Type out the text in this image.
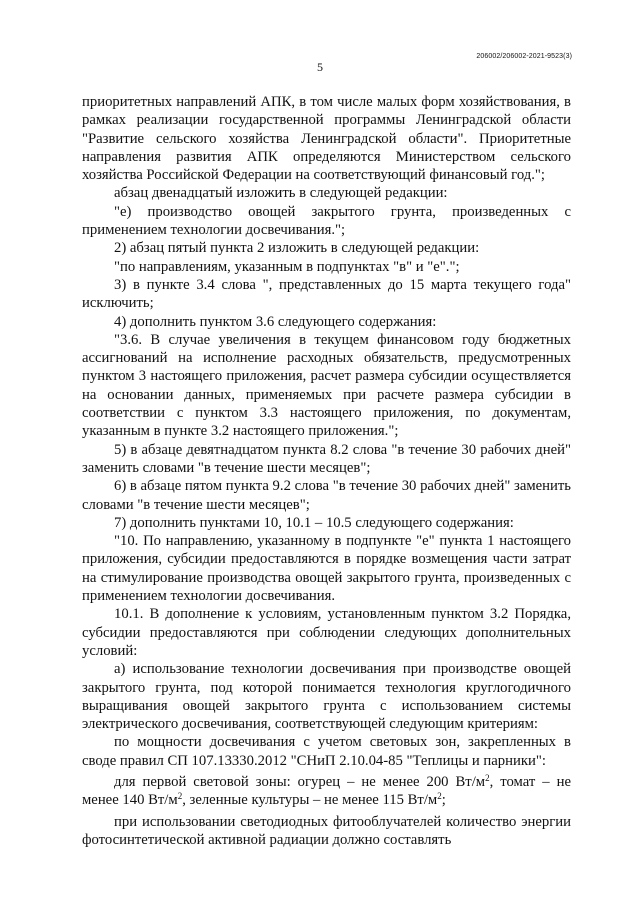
206002/206002-2021-9523(3)
5

приоритетных направлений АПК, в том числе малых форм хозяйствования, в рамках реализации государственной программы Ленинградской области "Развитие сельского хозяйства Ленинградской области". Приоритетные направления развития АПК определяются Министерством сельского хозяйства Российской Федерации на соответствующий финансовый год.";

абзац двенадцатый изложить в следующей редакции:

"е) производство овощей закрытого грунта, произведенных с применением технологии досвечивания.";

2) абзац пятый пункта 2 изложить в следующей редакции:

"по направлениям, указанным в подпунктах "в" и "е".";

3) в пункте 3.4 слова ", представленных до 15 марта текущего года" исключить;

4) дополнить пунктом 3.6 следующего содержания:

"3.6. В случае увеличения в текущем финансовом году бюджетных ассигнований на исполнение расходных обязательств, предусмотренных пунктом 3 настоящего приложения, расчет размера субсидии осуществляется на основании данных, применяемых при расчете размера субсидии в соответствии с пунктом 3.3 настоящего приложения, по документам, указанным в пункте 3.2 настоящего приложения.";

5) в абзаце девятнадцатом пункта 8.2 слова "в течение 30 рабочих дней" заменить словами "в течение шести месяцев";

6) в абзаце пятом пункта 9.2 слова "в течение 30 рабочих дней" заменить словами "в течение шести месяцев";

7) дополнить пунктами 10, 10.1 – 10.5 следующего содержания:

"10. По направлению, указанному в подпункте "е" пункта 1 настоящего приложения, субсидии предоставляются в порядке возмещения части затрат на стимулирование производства овощей закрытого грунта, произведенных с применением технологии досвечивания.

10.1. В дополнение к условиям, установленным пунктом 3.2 Порядка, субсидии предоставляются при соблюдении следующих дополнительных условий:

а) использование технологии досвечивания при производстве овощей закрытого грунта, под которой понимается технология круглогодичного выращивания овощей закрытого грунта с использованием системы электрического досвечивания, соответствующей следующим критериям:

по мощности досвечивания с учетом световых зон, закрепленных в своде правил СП 107.13330.2012 "СНиП 2.10.04-85 "Теплицы и парники":

для первой световой зоны: огурец – не менее 200 $Вт/м^2$, томат – не менее 140 $Вт/м^2$, зеленные культуры – не менее 115 $Вт/м^2$;

при использовании светодиодных фитооблучателей количество энергии фотосинтетической активной радиации должно составлять
